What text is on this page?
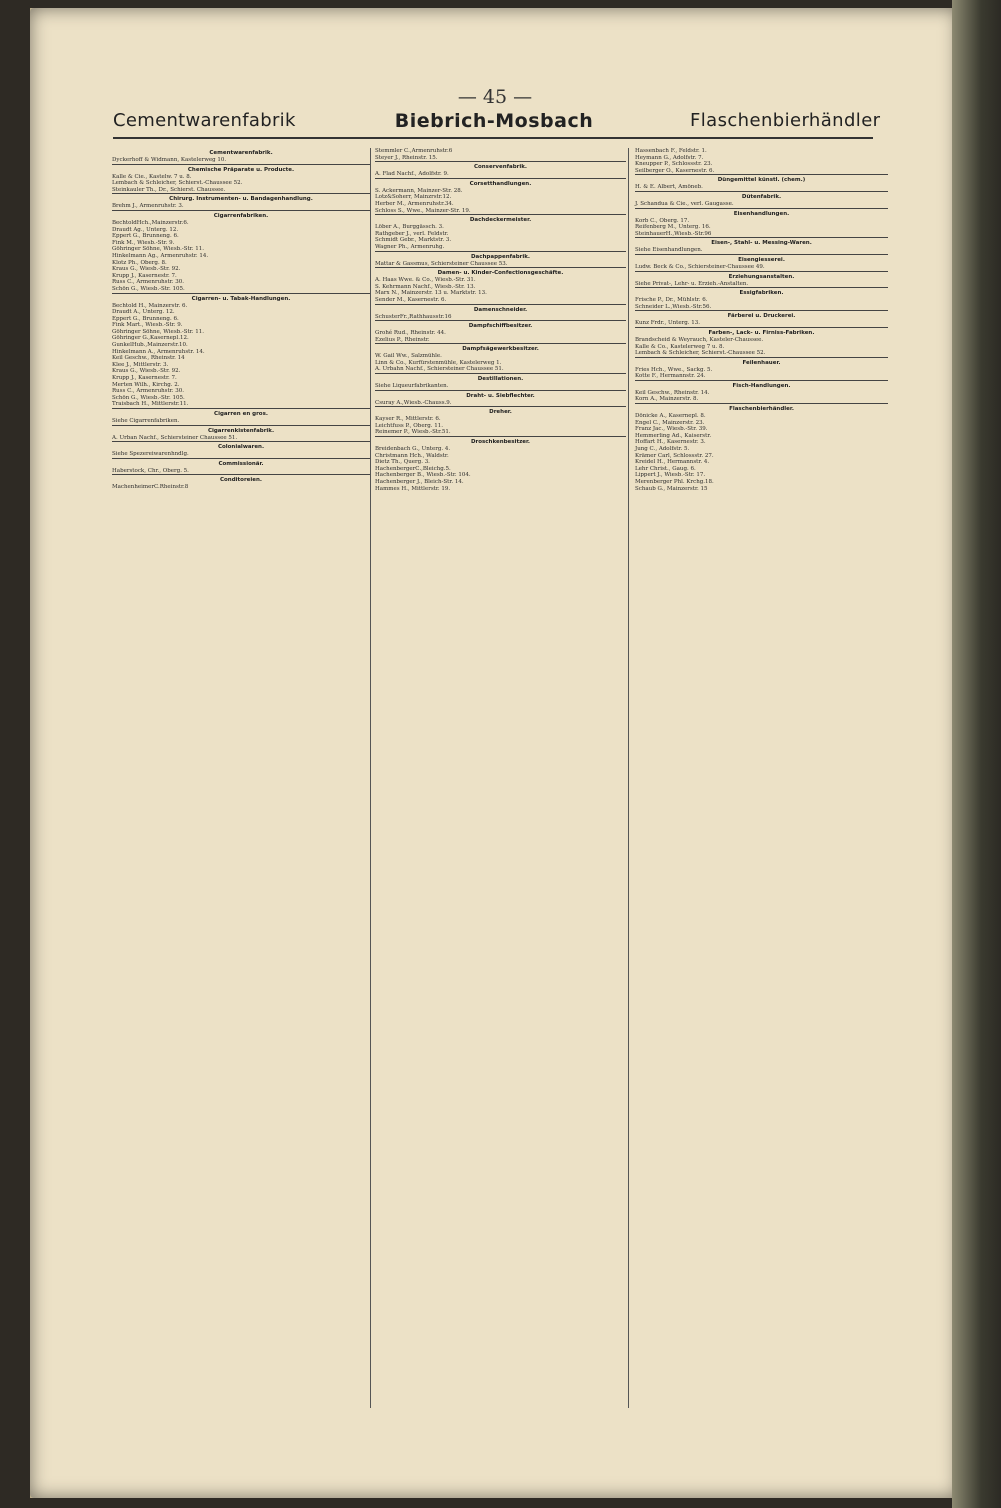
— 45 —
Cementwarenfabrik	Biebrich-Mosbach	Flaschenbierhändler
Cementwarenfabrik.
Dyckerhoff & Widmann, Kastelerweg 10.
Chemische Präparate u. Producte.
Kalle & Cie., Kastelw. 7 u. 8.
Lembach & Schleicher, Schierst.-Chaussee 52.
Steinkauler Th., Dr., Schierst. Chaussee.
Chirurg. Instrumenten- u. Bandagenhandlung.
Brehm J., Armenruhstr. 3.
Cigarrenfabriken.
BechtoldHch.,Mainzerstr.6.
Draudt Ag., Unterg. 12.
Eppert G., Brunneng. 6.
Fink M., Wiesb.-Str. 9.
Göhringer Söhne, Wiesb.-Str. 11.
Hinkelmann Ag., Armenruhstr. 14.
Klotz Ph., Oberg. 8.
Kraus G., Wiesb.-Str. 92.
Krupp J., Kasernestr. 7.
Russ C., Armenruhstr. 30.
Schön G., Wiesb.-Str. 105.
Cigarren- u. Tabak-Handlungen.
Bechtold H., Mainzerstr. 6.
Draudt A., Unterg. 12.
Eppert G., Brunneng. 6.
Fink Mart., Wiesb.-Str. 9.
Göhringer Söhne, Wiesb.-Str. 11.
Göhringer G.,Kasernepl.12.
GunkelHub.,Mainzerstr.10.
Hinkelmann A., Armenruhstr. 14.
Keil Geschw., Rheinstr. 14
Klee J., Mittlerstr. 3.
Kraus G., Wiesb.-Str. 92.
Krupp J., Kasernestr. 7.
Merten Wilh., Kirchg. 2.
Russ C., Armenruhstr. 30.
Schön G., Wiesb.-Str. 105.
Traisbach H., Mittlerstr.11.
Cigarren en gros.
Siehe Cigarrenfabriken.
Cigarrenkistenfabrik.
A. Urban Nachf., Schiersteiner Chaussee 51.
Colonialwaren.
Siehe Spezereiwarenhndlg.
Commissionär.
Haberstock, Chr., Oberg. 5.
Conditoreien.
MachenheimerC.Rheinstr.8
Stemmler C.,Armenruhstr.6
Steyer J., Rheinstr. 15.
Conservenfabrik.
A. Flad Nachf., Adolfstr. 9.
Corsetthandlungen.
S. Ackermann, Mainzer-Str. 28.
Lotz&Soherr, Mainzrstr.12.
Herber M., Armenruhstr.34.
Schloss S., Wwe., Mainzer-Str. 19.
Dachdeckermeister.
Löber A., Burggässch. 3.
Rathgeber J., verl. Feldstr.
Schmidt Gebr., Marktstr. 3.
Wagner Ph., Armenruhg.
Dachpappenfabrik.
Mattar & Gassmus, Schiersteiner Chaussee 53.
Damen- u. Kinder-Confectionsgeschäfte.
A. Haas Wwe. & Co., Wiesb.-Str. 31.
S. Kehrmann Nachf., Wiesb.-Str. 13.
Marx N., Mainzerstr. 13 u. Marktstr. 13.
Sender M., Kasernestr. 6.
Damenschneider.
SchusterFr.,Rathhausstr.16
Dampfschiffbesitzer.
Grohé Rud., Rheinstr. 44.
Ezelius P., Rheinstr.
Dampfsägewerkbesitzer.
W. Gail Ww., Salzmühle.
Linn & Co., Kurfürstenmühle, Kastelerweg 1.
A. Urbahn Nachf., Schiersteiner Chaussee 51.
Destillationen.
Siehe Liqueurfabrikanten.
Draht- u. Siebflechter.
Csuray A.,Wiesb.-Chauss.9.
Dreher.
Kayser R., Mittlerstr. 6.
Leichtfuss P., Oberg. 11.
Reinemer P., Wiesb.-Str.51.
Droschkenbesitzer.
Breidenbach G., Unterg. 4.
Christmann Hch., Waldstr.
Dietz Th., Querg. 3.
HachenbergerC.,Bleichg.5.
Hachenberger B., Wiesb.-Str. 104.
Hachenberger J., Bleich-Str. 14.
Hammes H., Mittlerstr. 19.
Hassenbach F., Feldstr. 1.
Heymann G., Adolfstr. 7.
Kneupper P., Schlossstr. 23.
Seilberger O., Kasernestr. 6.
Düngemittel künstl. (chem.)
H. & E. Albert, Amöneb.
Dütenfabrik.
J. Schandua & Cie., verl. Gaugasse.
Eisenhandlungen.
Korb C., Oberg. 17.
Reifenberg M., Unterg. 16.
SteinhauerH.,Wiesb.-Str.96
Eisen-, Stahl- u. Messing-Waren.
Siehe Eisenhandlungen.
Eisengiesserei.
Ludw. Beck & Co., Schiersteiner-Chaussee 49.
Erziehungsanstalten.
Siehe Privat-, Lehr- u. Erzieh.-Anstalten.
Essigfabriken.
Frische P., Dr., Mühlstr. 6.
Schneider L.,Wiesb.-Str.56.
Färberei u. Druckerei.
Kunz Frdr., Unterg. 13.
Farben-, Lack- u. Firniss-Fabriken.
Brandscheid & Weyrauch, Kasteler-Chaussee.
Kalle & Co., Kastelerweg 7 u. 8.
Lembach & Schleicher, Schierst.-Chaussee 52.
Feilenhauer.
Fries Hch., Wwe., Sackg. 5.
Kotte F., Hermannstr. 24.
Fisch-Handlungen.
Keil Geschw., Rheinstr. 14.
Korn A., Mainzerstr. 8.
Flaschenbierhändler.
Dönicke A., Kasernepl. 8.
Engel C., Mainzerstr. 23.
Franz Jac., Wiesb.-Str. 39.
Hemmerling Ad., Kaiserstr.
Hoffart H., Kasernestr. 3.
Jung C., Adolfstr. 5.
Krämer Carl, Schlossstr. 27.
Kreidel H., Hermannstr. 4.
Lehr Christ., Gaug. 6.
Lippert J., Wiesb.-Str. 17.
Merenberger Phl. Krchg.18.
Schaub G., Mainzerstr. 15
